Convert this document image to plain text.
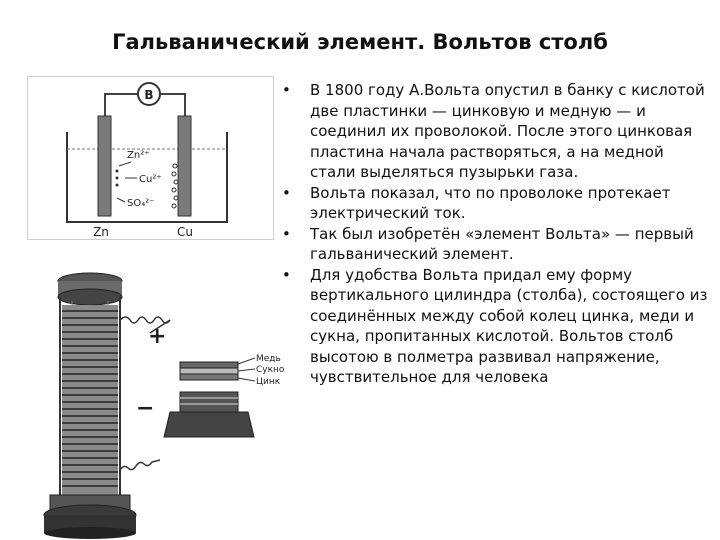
Гальванический элемент. Вольтов столб
B
Zn²⁺
Cu²⁺
SO₄²⁻
Zn	Cu
+
−
Медь
Сукно
Цинк
•	В 1800 году А.Вольта опустил в банку с кислотой две пластинки — цинковую и медную — и соединил их проволокой. После этого цинковая пластина начала растворяться, а на медной стали выделяться пузырьки газа.
•	Вольта показал, что по проволоке протекает электрический ток.
•	Так был изобретён «элемент Вольта» — первый гальванический элемент.
•	Для удобства Вольта придал ему форму вертикального цилиндра (столба), состоящего из соединённых между собой колец цинка, меди и сукна, пропитанных кислотой. Вольтов столб высотою в полметра развивал напряжение, чувствительное для человека
